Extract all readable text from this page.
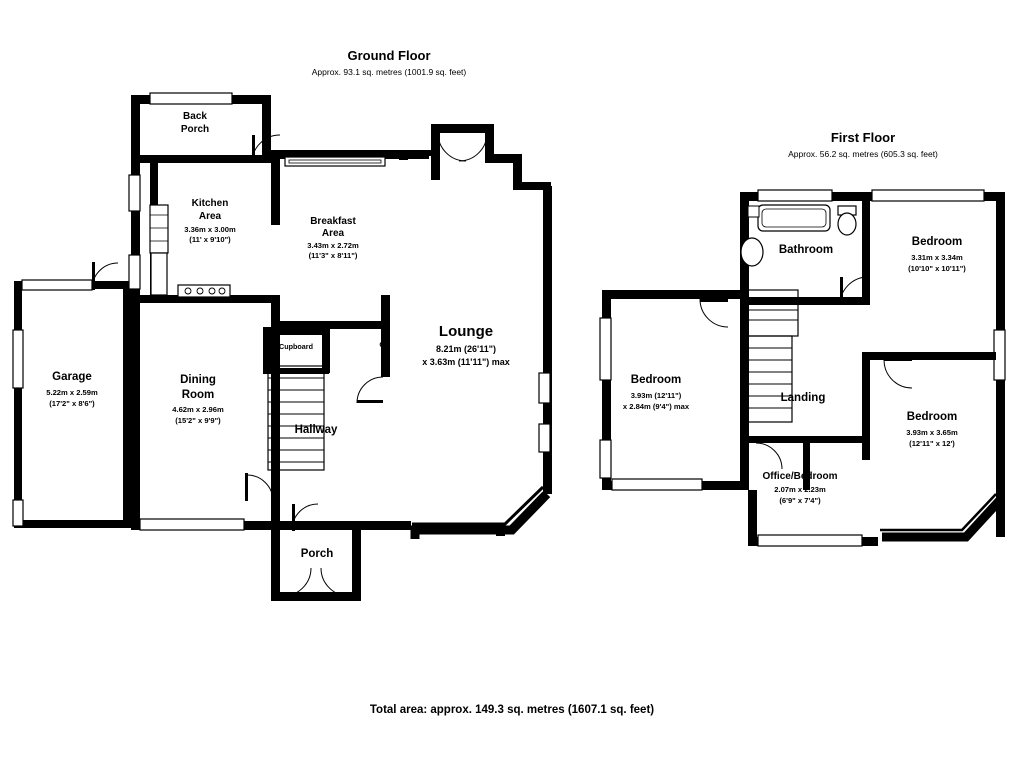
Ground Floor
Approx. 93.1 sq. metres (1001.9 sq. feet)
First Floor
Approx. 56.2 sq. metres (605.3 sq. feet)
Back
Porch
Kitchen
Area
3.36m x 3.00m
(11' x 9'10")
Breakfast
Area
3.43m x 2.72m
(11'3" x 8'11")
Lounge
8.21m (26'11")
x 3.63m (11'11") max
Garage
5.22m x 2.59m
(17'2" x 8'6")
Dining
Room
4.62m x 2.96m
(15'2" x 9'9")
Hallway
Cupboard	C
Porch
Bathroom
Bedroom
3.31m x 3.34m
(10'10" x 10'11")
Bedroom
3.93m (12'11")
x 2.84m (9'4") max
Bedroom
3.93m x 3.65m
(12'11" x 12')
Landing
Office/Bedroom
2.07m x 2.23m
(6'9" x 7'4")
Total area: approx. 149.3 sq. metres (1607.1 sq. feet)
